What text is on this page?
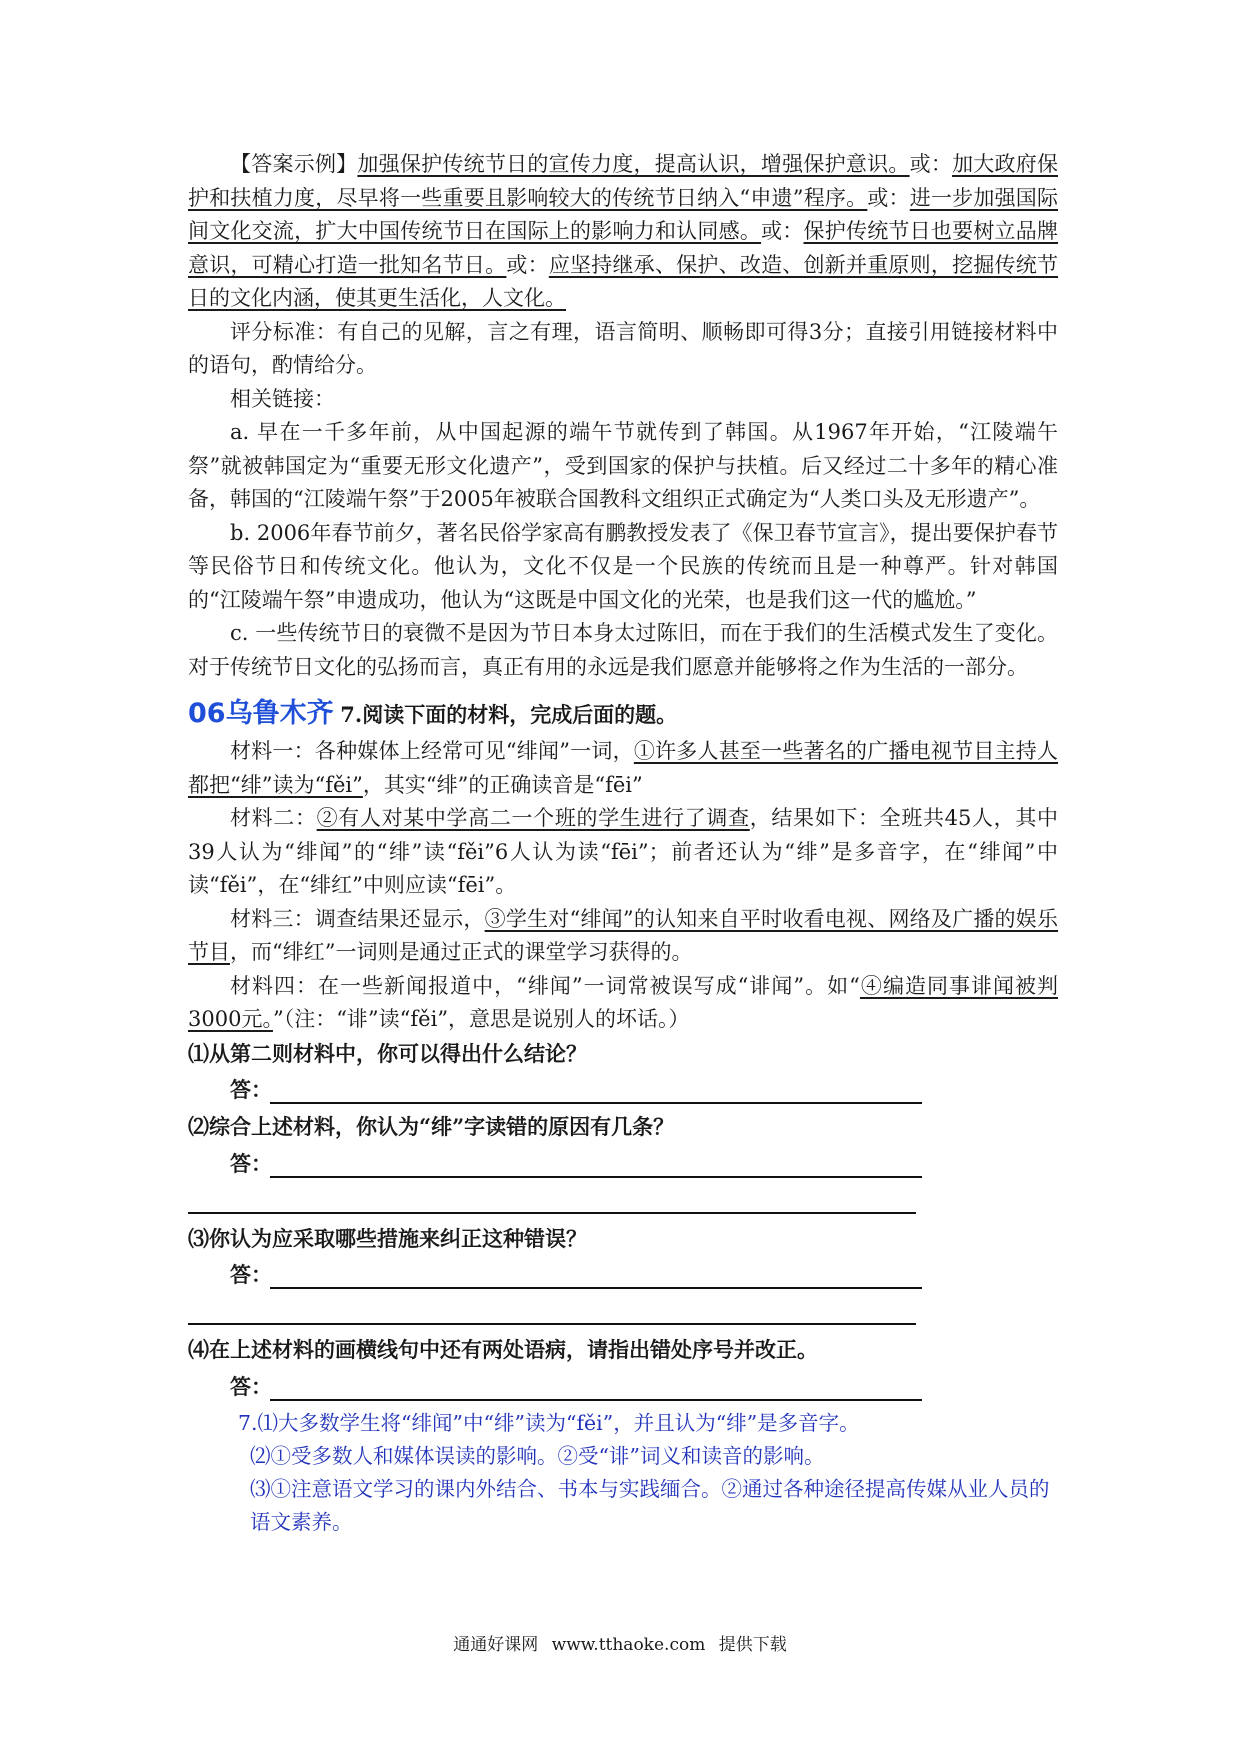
【答案示例】加强保护传统节日的宣传力度，提高认识，增强保护意识。或：加大政府保护和扶植力度，尽早将一些重要且影响较大的传统节日纳入“申遗”程序。或：进一步加强国际间文化交流，扩大中国传统节日在国际上的影响力和认同感。或：保护传统节日也要树立品牌意识，可精心打造一批知名节日。或：应坚持继承、保护、改造、创新并重原则，挖掘传统节日的文化内涵，使其更生活化，人文化。

评分标准：有自己的见解，言之有理，语言简明、顺畅即可得3分；直接引用链接材料中的语句，酌情给分。

相关链接：

a. 早在一千多年前，从中国起源的端午节就传到了韩国。从1967年开始，“江陵端午祭”就被韩国定为“重要无形文化遗产”，受到国家的保护与扶植。后又经过二十多年的精心准备，韩国的“江陵端午祭”于2005年被联合国教科文组织正式确定为“人类口头及无形遗产”。

b. 2006年春节前夕，著名民俗学家高有鹏教授发表了《保卫春节宣言》，提出要保护春节等民俗节日和传统文化。他认为，文化不仅是一个民族的传统而且是一种尊严。针对韩国的“江陵端午祭”申遗成功，他认为“这既是中国文化的光荣，也是我们这一代的尴尬。”

c. 一些传统节日的衰微不是因为节日本身太过陈旧，而在于我们的生活模式发生了变化。对于传统节日文化的弘扬而言，真正有用的永远是我们愿意并能够将之作为生活的一部分。

06乌鲁木齐 7.阅读下面的材料，完成后面的题。

材料一：各种媒体上经常可见“绯闻”一词，①许多人甚至一些著名的广播电视节目主持人都把“绯”读为“fěi”，其实“绯”的正确读音是“fēi”

材料二：②有人对某中学高二一个班的学生进行了调查，结果如下：全班共45人，其中39人认为“绯闻”的“绯”读“fěi”6人认为读“fēi”；前者还认为“绯”是多音字，在“绯闻”中读“fěi”，在“绯红”中则应读“fēi”。

材料三：调查结果还显示，③学生对“绯闻”的认知来自平时收看电视、网络及广播的娱乐节目，而“绯红”一词则是通过正式的课堂学习获得的。

材料四：在一些新闻报道中，“绯闻”一词常被误写成“诽闻”。如“④编造同事诽闻被判3000元。”（注：“诽”读“fěi”，意思是说别人的坏话。）

⑴从第二则材料中，你可以得出什么结论？

答：

⑵综合上述材料，你认为“绯”字读错的原因有几条？

答：

⑶你认为应采取哪些措施来纠正这种错误？

答：

⑷在上述材料的画横线句中还有两处语病，请指出错处序号并改正。

答：

7.⑴大多数学生将“绯闻”中“绯”读为“fěi”，并且认为“绯”是多音字。

⑵①受多数人和媒体误读的影响。②受“诽”词义和读音的影响。

⑶①注意语文学习的课内外结合、书本与实践缅合。②通过各种途径提高传媒从业人员的语文素养。

通通好课网 www.tthaoke.com 提供下载
